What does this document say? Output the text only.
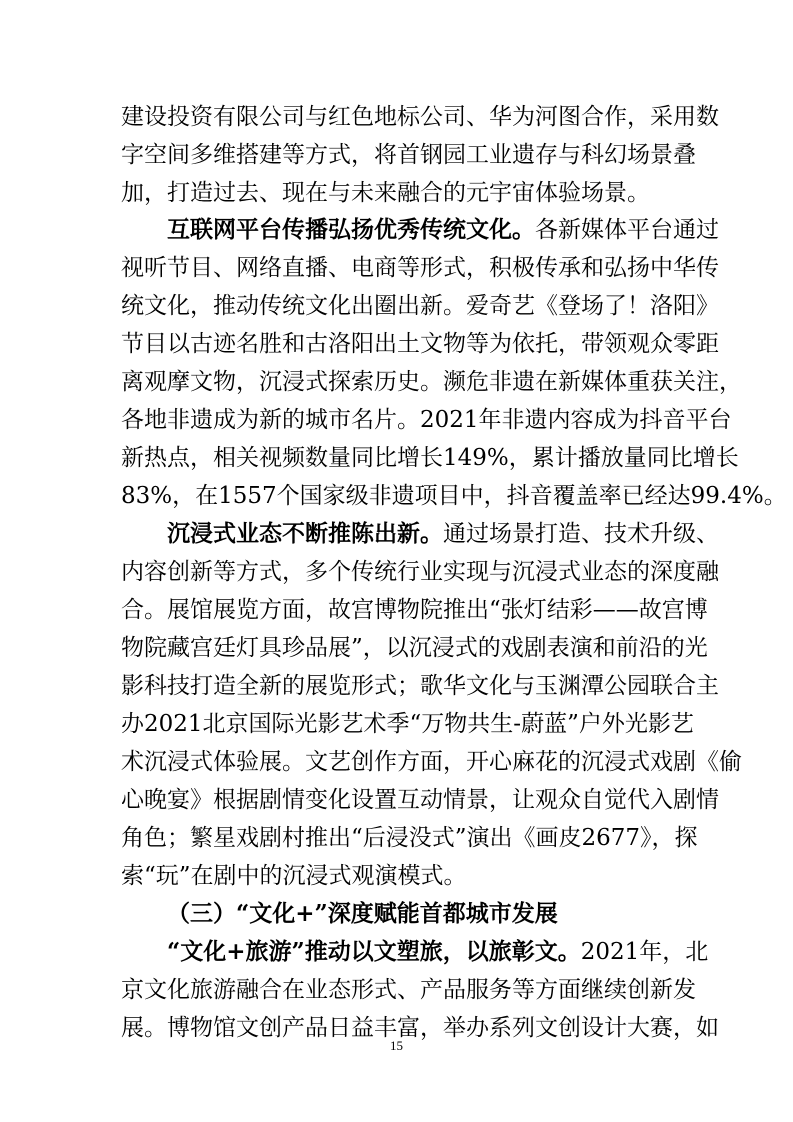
建设投资有限公司与红色地标公司、华为河图合作，采用数
字空间多维搭建等方式，将首钢园工业遗存与科幻场景叠
加，打造过去、现在与未来融合的元宇宙体验场景。
互联网平台传播弘扬优秀传统文化。各新媒体平台通过
视听节目、网络直播、电商等形式，积极传承和弘扬中华传
统文化，推动传统文化出圈出新。爱奇艺《登场了！洛阳》
节目以古迹名胜和古洛阳出土文物等为依托，带领观众零距
离观摩文物，沉浸式探索历史。濒危非遗在新媒体重获关注，
各地非遗成为新的城市名片。2021年非遗内容成为抖音平台
新热点，相关视频数量同比增长149%，累计播放量同比增长
83%，在1557个国家级非遗项目中，抖音覆盖率已经达99.4%。
沉浸式业态不断推陈出新。通过场景打造、技术升级、
内容创新等方式，多个传统行业实现与沉浸式业态的深度融
合。展馆展览方面，故宫博物院推出“张灯结彩——故宫博
物院藏宫廷灯具珍品展”，以沉浸式的戏剧表演和前沿的光
影科技打造全新的展览形式；歌华文化与玉渊潭公园联合主
办2021北京国际光影艺术季“万物共生-蔚蓝”户外光影艺
术沉浸式体验展。文艺创作方面，开心麻花的沉浸式戏剧《偷
心晚宴》根据剧情变化设置互动情景，让观众自觉代入剧情
角色；繁星戏剧村推出“后浸没式”演出《画皮2677》，探
索“玩”在剧中的沉浸式观演模式。
（三）“文化+”深度赋能首都城市发展
“文化+旅游”推动以文塑旅，以旅彰文。2021年，北
京文化旅游融合在业态形式、产品服务等方面继续创新发
展。博物馆文创产品日益丰富，举办系列文创设计大赛，如
15
